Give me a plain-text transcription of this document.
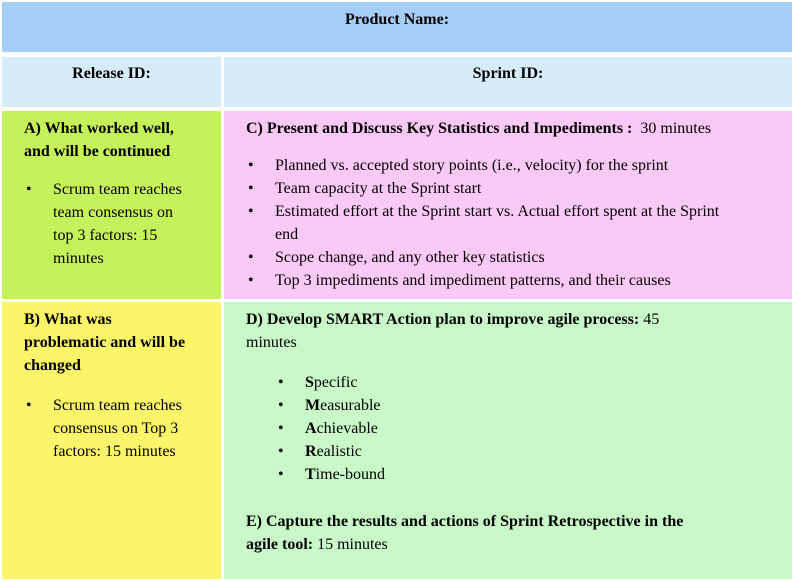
Product Name:
Release ID:	Sprint ID:
A) What worked well,
and will be continued
• Scrum team reaches
team consensus on
top 3 factors: 15
minutes
C) Present and Discuss Key Statistics and Impediments : 30 minutes
• Planned vs. accepted story points (i.e., velocity) for the sprint
• Team capacity at the Sprint start
• Estimated effort at the Sprint start vs. Actual effort spent at the Sprint
end
• Scope change, and any other key statistics
• Top 3 impediments and impediment patterns, and their causes
B) What was
problematic and will be
changed
• Scrum team reaches
consensus on Top 3
factors: 15 minutes
D) Develop SMART Action plan to improve agile process: 45
minutes
• Specific
• Measurable
• Achievable
• Realistic
• Time-bound
E) Capture the results and actions of Sprint Retrospective in the
agile tool: 15 minutes
